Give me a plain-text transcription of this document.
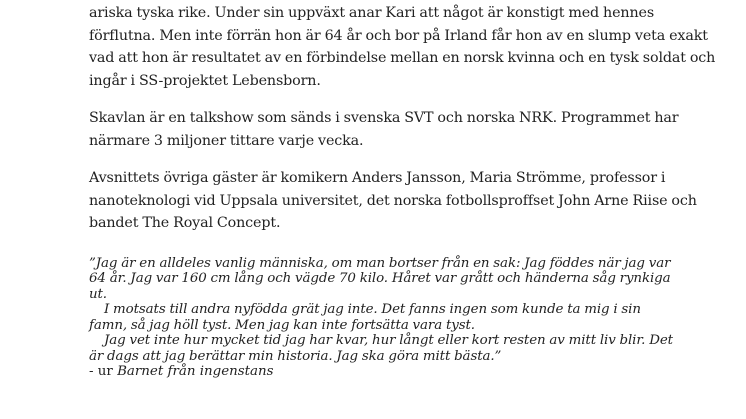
ariska tyska rike. Under sin uppväxt anar Kari att något är konstigt med hennes
förflutna. Men inte förrän hon är 64 år och bor på Irland får hon av en slump veta exakt
vad att hon är resultatet av en förbindelse mellan en norsk kvinna och en tysk soldat och
ingår i SS-projektet Lebensborn.

Skavlan är en talkshow som sänds i svenska SVT och norska NRK. Programmet har
närmare 3 miljoner tittare varje vecka.

Avsnittets övriga gäster är komikern Anders Jansson, Maria Strömme, professor i
nanoteknologi vid Uppsala universitet, det norska fotbollsproffset John Arne Riise och
bandet The Royal Concept.

”Jag är en alldeles vanlig människa, om man bortser från en sak: Jag föddes när jag var
64 år. Jag var 160 cm lång och vägde 70 kilo. Håret var grått och händerna såg rynkiga
ut.
I motsats till andra nyfödda grät jag inte. Det fanns ingen som kunde ta mig i sin
famn, så jag höll tyst. Men jag kan inte fortsätta vara tyst.
Jag vet inte hur mycket tid jag har kvar, hur långt eller kort resten av mitt liv blir. Det
är dags att jag berättar min historia. Jag ska göra mitt bästa.”
- ur Barnet från ingenstans
